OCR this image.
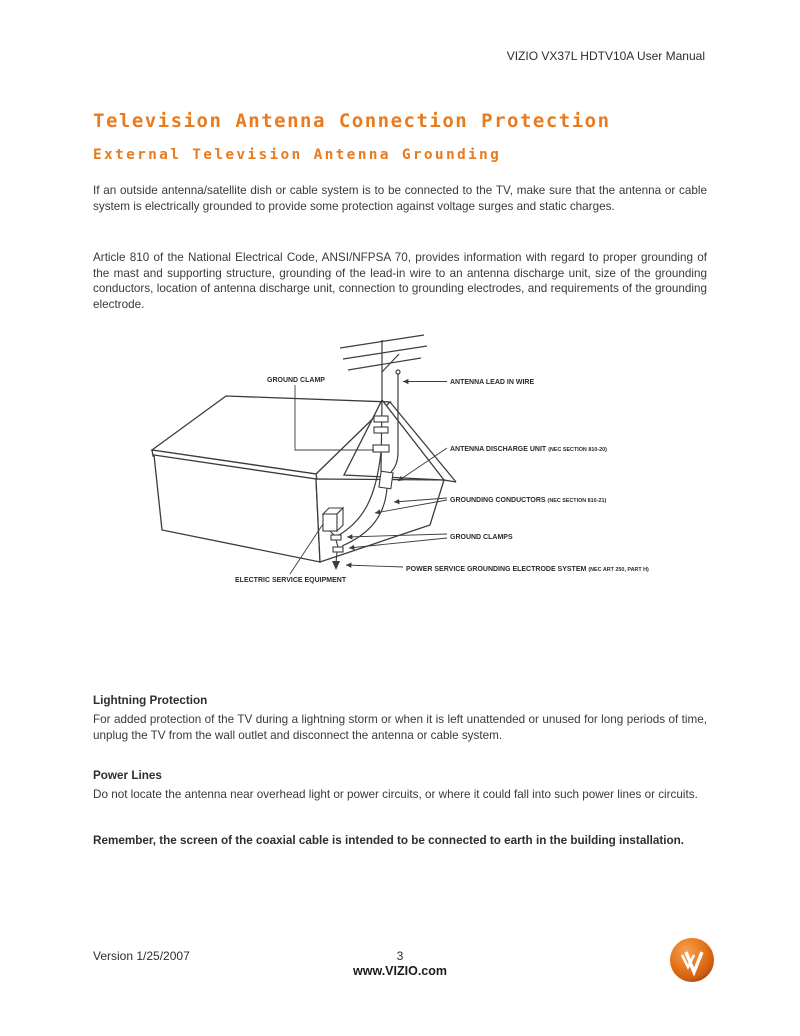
VIZIO VX37L HDTV10A User Manual
Television Antenna Connection Protection
External Television Antenna Grounding
If an outside antenna/satellite dish or cable system is to be connected to the TV, make sure that the antenna or cable system is electrically grounded to provide some protection against voltage surges and static charges.
Article 810 of the National Electrical Code, ANSI/NFPSA 70, provides information with regard to proper grounding of the mast and supporting structure, grounding of the lead-in wire to an antenna discharge unit, size of the grounding conductors, location of antenna discharge unit, connection to grounding electrodes, and requirements of the grounding electrode.
GROUND CLAMP	ANTENNA LEAD IN WIRE
ANTENNA DISCHARGE UNIT (NEC SECTION 810-20)
GROUNDING CONDUCTORS (NEC SECTION 810-21)
GROUND CLAMPS
ELECTRIC SERVICE EQUIPMENT
POWER SERVICE GROUNDING ELECTRODE SYSTEM (NEC ART 250, PART H)
Lightning Protection
For added protection of the TV during a lightning storm or when it is left unattended or unused for long periods of time, unplug the TV from the wall outlet and disconnect the antenna or cable system.
Power Lines
Do not locate the antenna near overhead light or power circuits, or where it could fall into such power lines or circuits.
Remember, the screen of the coaxial cable is intended to be connected to earth in the building installation.
Version 1/25/2007	3
www.VIZIO.com
